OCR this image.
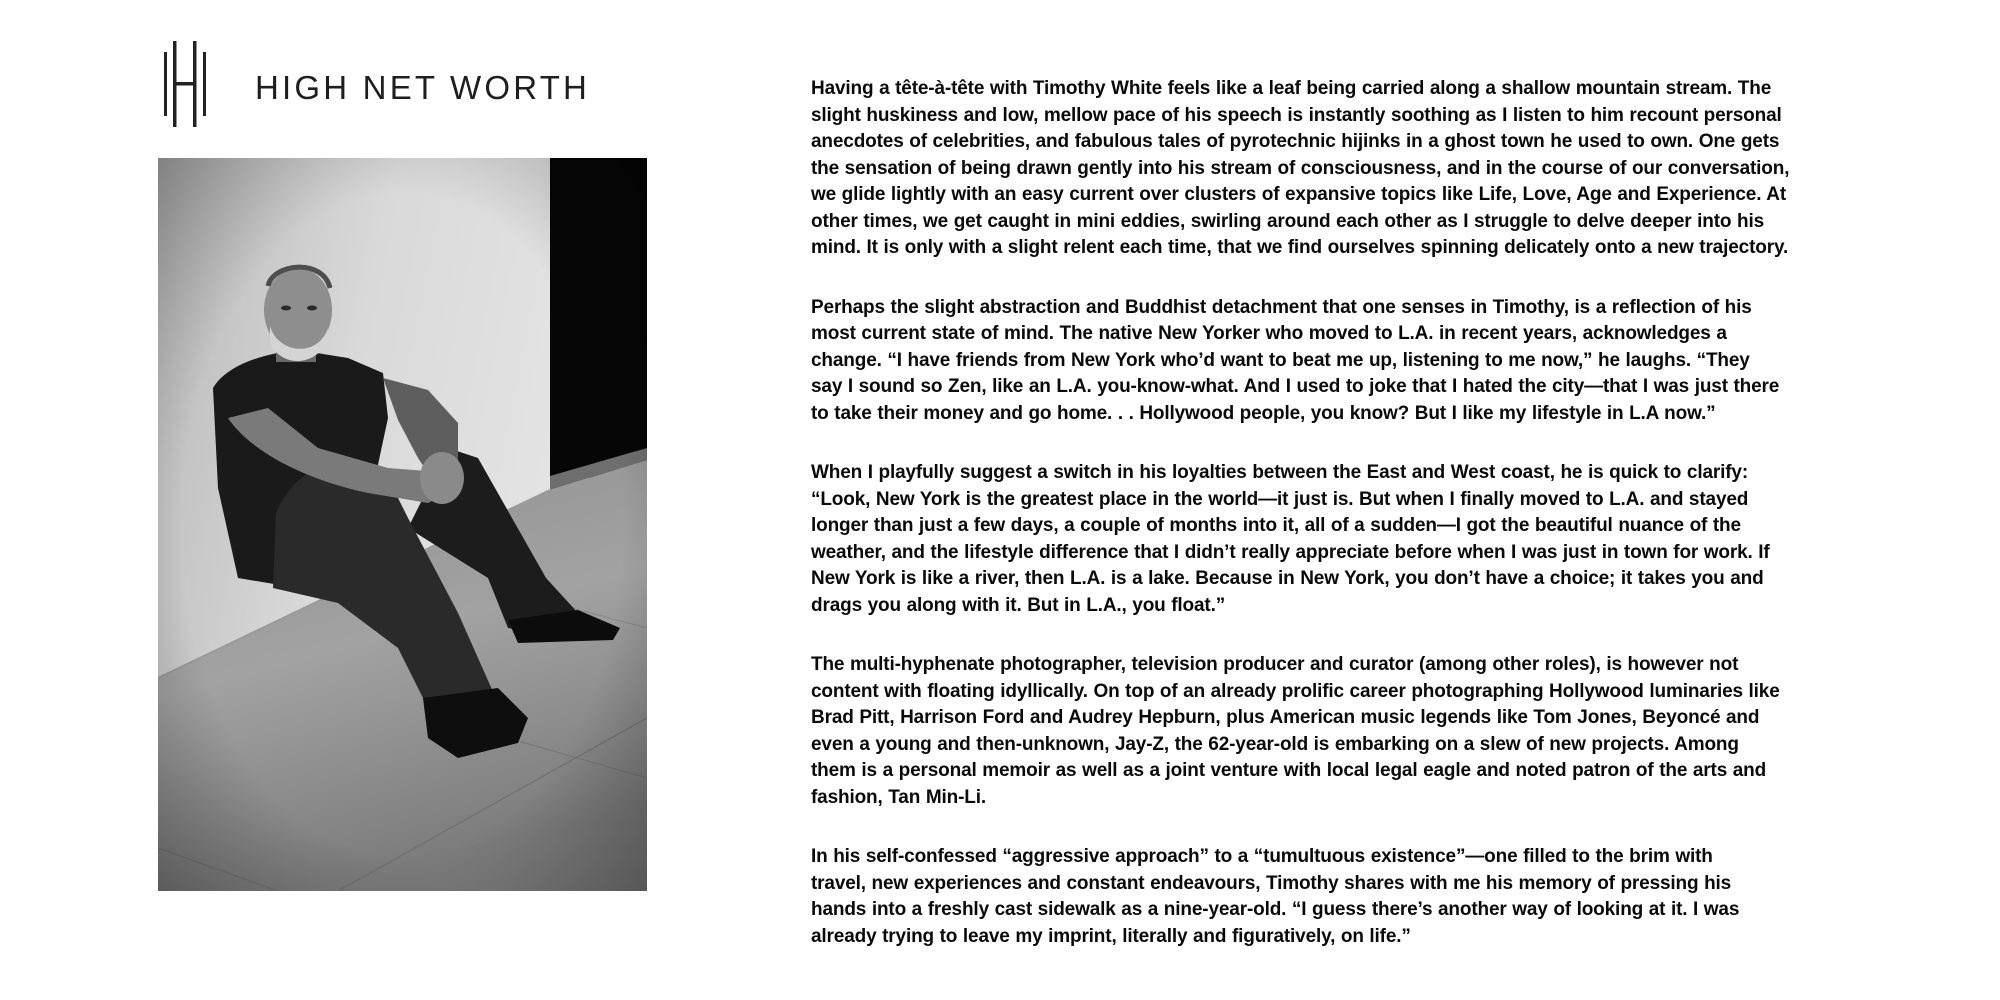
HIGH NET WORTH	Having a tête-à-tête with Timothy White feels like a leaf being carried along a shallow mountain stream. The
slight huskiness and low, mellow pace of his speech is instantly soothing as I listen to him recount personal
anecdotes of celebrities, and fabulous tales of pyrotechnic hijinks in a ghost town he used to own. One gets
the sensation of being drawn gently into his stream of consciousness, and in the course of our conversation,
we glide lightly with an easy current over clusters of expansive topics like Life, Love, Age and Experience. At
other times, we get caught in mini eddies, swirling around each other as I struggle to delve deeper into his
mind. It is only with a slight relent each time, that we find ourselves spinning delicately onto a new trajectory.

Perhaps the slight abstraction and Buddhist detachment that one senses in Timothy, is a reflection of his
most current state of mind. The native New Yorker who moved to L.A. in recent years, acknowledges a
change. “I have friends from New York who’d want to beat me up, listening to me now,” he laughs. “They
say I sound so Zen, like an L.A. you-know-what. And I used to joke that I hated the city—that I was just there
to take their money and go home. . . Hollywood people, you know? But I like my lifestyle in L.A now.”

When I playfully suggest a switch in his loyalties between the East and West coast, he is quick to clarify:
“Look, New York is the greatest place in the world—it just is. But when I finally moved to L.A. and stayed
longer than just a few days, a couple of months into it, all of a sudden—I got the beautiful nuance of the
weather, and the lifestyle difference that I didn’t really appreciate before when I was just in town for work. If
New York is like a river, then L.A. is a lake. Because in New York, you don’t have a choice; it takes you and
drags you along with it. But in L.A., you float.”

The multi-hyphenate photographer, television producer and curator (among other roles), is however not
content with floating idyllically. On top of an already prolific career photographing Hollywood luminaries like
Brad Pitt, Harrison Ford and Audrey Hepburn, plus American music legends like Tom Jones, Beyoncé and
even a young and then-unknown, Jay-Z, the 62-year-old is embarking on a slew of new projects. Among
them is a personal memoir as well as a joint venture with local legal eagle and noted patron of the arts and
fashion, Tan Min-Li.

In his self-confessed “aggressive approach” to a “tumultuous existence”—one filled to the brim with
travel, new experiences and constant endeavours, Timothy shares with me his memory of pressing his
hands into a freshly cast sidewalk as a nine-year-old. “I guess there’s another way of looking at it. I was
already trying to leave my imprint, literally and figuratively, on life.”
